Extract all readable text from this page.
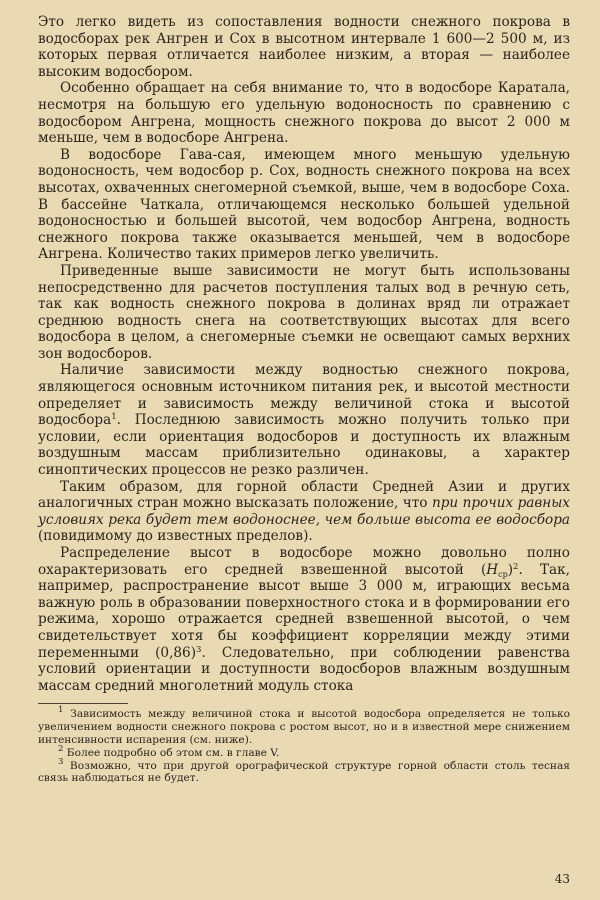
Это легко видеть из сопоставления водности снежного покрова в водосборах рек Ангрен и Сох в высотном интервале 1 600—2 500 м, из которых первая отличается наиболее низким, а вторая — наиболее высоким водосбором.

Особенно обращает на себя внимание то, что в водосборе Каратала, несмотря на большую его удельную водоносность по сравнению с водосбором Ангрена, мощность снежного покрова до высот 2 000 м меньше, чем в водосборе Ангрена.

В водосборе Гава-сая, имеющем много меньшую удельную водоносность, чем водосбор р. Сох, водность снежного покрова на всех высотах, охваченных снегомерной съемкой, выше, чем в водосборе Соха. В бассейне Чаткала, отличающемся несколько большей удельной водоносностью и большей высотой, чем водосбор Ангрена, водность снежного покрова также оказывается меньшей, чем в водосборе Ангрена. Количество таких примеров легко увеличить.

Приведенные выше зависимости не могут быть использованы непосредственно для расчетов поступления талых вод в речную сеть, так как водность снежного покрова в долинах вряд ли отражает среднюю водность снега на соответствующих высотах для всего водосбора в целом, а снегомерные съемки не освещают самых верхних зон водосборов.

Наличие зависимости между водностью снежного покрова, являющегося основным источником питания рек, и высотой местности определяет и зависимость между величиной стока и высотой водосбора$^1$. Последнюю зависимость можно получить только при условии, если ориентация водосборов и доступность их влажным воздушным массам приблизительно одинаковы, а характер синоптических процессов не резко различен.

Таким образом, для горной области Средней Азии и других аналогичных стран можно высказать положение, что при прочих равных условиях река будет тем водоноснее, чем больше высота ее водосбора (повидимому до известных пределов).

Распределение высот в водосборе можно довольно полно охарактеризовать его средней взвешенной высотой $(H_{ср})^2$. Так, например, распространение высот выше 3 000 м, играющих весьма важную роль в образовании поверхностного стока и в формировании его режима, хорошо отражается средней взвешенной высотой, о чем свидетельствует хотя бы коэффициент корреляции между этими переменными $(0,86)^3$. Следовательно, при соблюдении равенства условий ориентации и доступности водосборов влажным воздушным массам средний многолетний модуль стока

$^1$ Зависимость между величиной стока и высотой водосбора определяется не только увеличением водности снежного покрова с ростом высот, но и в известной мере снижением интенсивности испарения (см. ниже).

$^2$ Более подробно об этом см. в главе V.

$^3$ Возможно, что при другой орографической структуре горной области столь тесная связь наблюдаться не будет.

43
